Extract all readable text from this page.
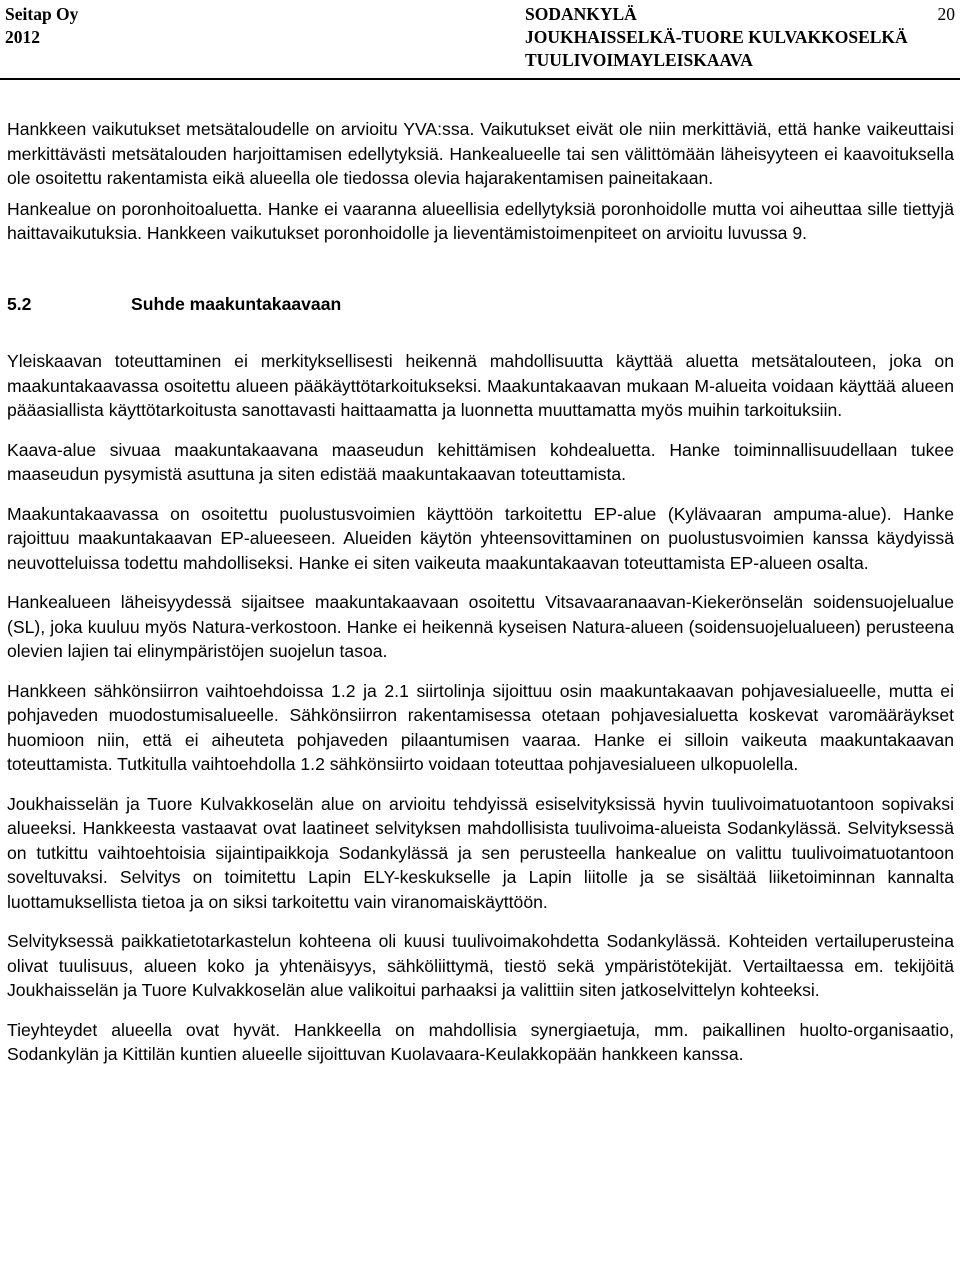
Seitap Oy
2012
SODANKYLÄ
JOUKHAISSELKÄ-TUORE KULVAKKOSELKÄ
TUULIVOIMAYLEISKAAVA
20

Hankkeen vaikutukset metsätaloudelle on arvioitu YVA:ssa. Vaikutukset eivät ole niin merkittäviä, että hanke vaikeuttaisi merkittävästi metsätalouden harjoittamisen edellytyksiä. Hankealueelle tai sen välittömään läheisyyteen ei kaavoituksella ole osoitettu rakentamista eikä alueella ole tiedossa olevia hajarakentamisen paineitakaan.

Hankealue on poronhoitoaluetta. Hanke ei vaaranna alueellisia edellytyksiä poronhoidolle mutta voi aiheuttaa sille tiettyjä haittavaikutuksia. Hankkeen vaikutukset poronhoidolle ja lieventämistoimenpiteet on arvioitu luvussa 9.

5.2	Suhde maakuntakaavaan

Yleiskaavan toteuttaminen ei merkityksellisesti heikennä mahdollisuutta käyttää aluetta metsätalouteen, joka on maakuntakaavassa osoitettu alueen pääkäyttötarkoitukseksi. Maakuntakaavan mukaan M-alueita voidaan käyttää alueen pääasiallista käyttötarkoitusta sanottavasti haittaamatta ja luonnetta muuttamatta myös muihin tarkoituksiin.

Kaava-alue sivuaa maakuntakaavana maaseudun kehittämisen kohdealuetta. Hanke toiminnallisuudellaan tukee maaseudun pysymistä asuttuna ja siten edistää maakuntakaavan toteuttamista.

Maakuntakaavassa on osoitettu puolustusvoimien käyttöön tarkoitettu EP-alue (Kylävaaran ampuma-alue). Hanke rajoittuu maakuntakaavan EP-alueeseen. Alueiden käytön yhteensovittaminen on puolustusvoimien kanssa käydyissä neuvotteluissa todettu mahdolliseksi. Hanke ei siten vaikeuta maakuntakaavan toteuttamista EP-alueen osalta.

Hankealueen läheisyydessä sijaitsee maakuntakaavaan osoitettu Vitsavaaranaavan-Kiekerönselän soidensuojelualue (SL), joka kuuluu myös Natura-verkostoon. Hanke ei heikennä kyseisen Natura-alueen (soidensuojelualueen) perusteena olevien lajien tai elinympäristöjen suojelun tasoa.

Hankkeen sähkönsiirron vaihtoehdoissa 1.2 ja 2.1 siirtolinja sijoittuu osin maakuntakaavan pohjavesialueelle, mutta ei pohjaveden muodostumisalueelle. Sähkönsiirron rakentamisessa otetaan pohjavesialuetta koskevat varomääräykset huomioon niin, että ei aiheuteta pohjaveden pilaantumisen vaaraa. Hanke ei silloin vaikeuta maakuntakaavan toteuttamista. Tutkitulla vaihtoehdolla 1.2 sähkönsiirto voidaan toteuttaa pohjavesialueen ulkopuolella.

Joukhaisselän ja Tuore Kulvakkoselän alue on arvioitu tehdyissä esiselvityksissä hyvin tuulivoimatuotantoon sopivaksi alueeksi. Hankkeesta vastaavat ovat laatineet selvityksen mahdollisista tuulivoima-alueista Sodankylässä. Selvityksessä on tutkittu vaihtoehtoisia sijaintipaikkoja Sodankylässä ja sen perusteella hankealue on valittu tuulivoimatuotantoon soveltuvaksi. Selvitys on toimitettu Lapin ELY-keskukselle ja Lapin liitolle ja se sisältää liiketoiminnan kannalta luottamuksellista tietoa ja on siksi tarkoitettu vain viranomaiskäyttöön.

Selvityksessä paikkatietotarkastelun kohteena oli kuusi tuulivoimakohdetta Sodankylässä. Kohteiden vertailuperusteina olivat tuulisuus, alueen koko ja yhtenäisyys, sähköliittymä, tiestö sekä ympäristötekijät. Vertailtaessa em. tekijöitä Joukhaisselän ja Tuore Kulvakkoselän alue valikoitui parhaaksi ja valittiin siten jatkoselvittelyn kohteeksi.

Tieyhteydet alueella ovat hyvät. Hankkeella on mahdollisia synergiaetuja, mm. paikallinen huolto-organisaatio, Sodankylän ja Kittilän kuntien alueelle sijoittuvan Kuolavaara-Keulakkopään hankkeen kanssa.
